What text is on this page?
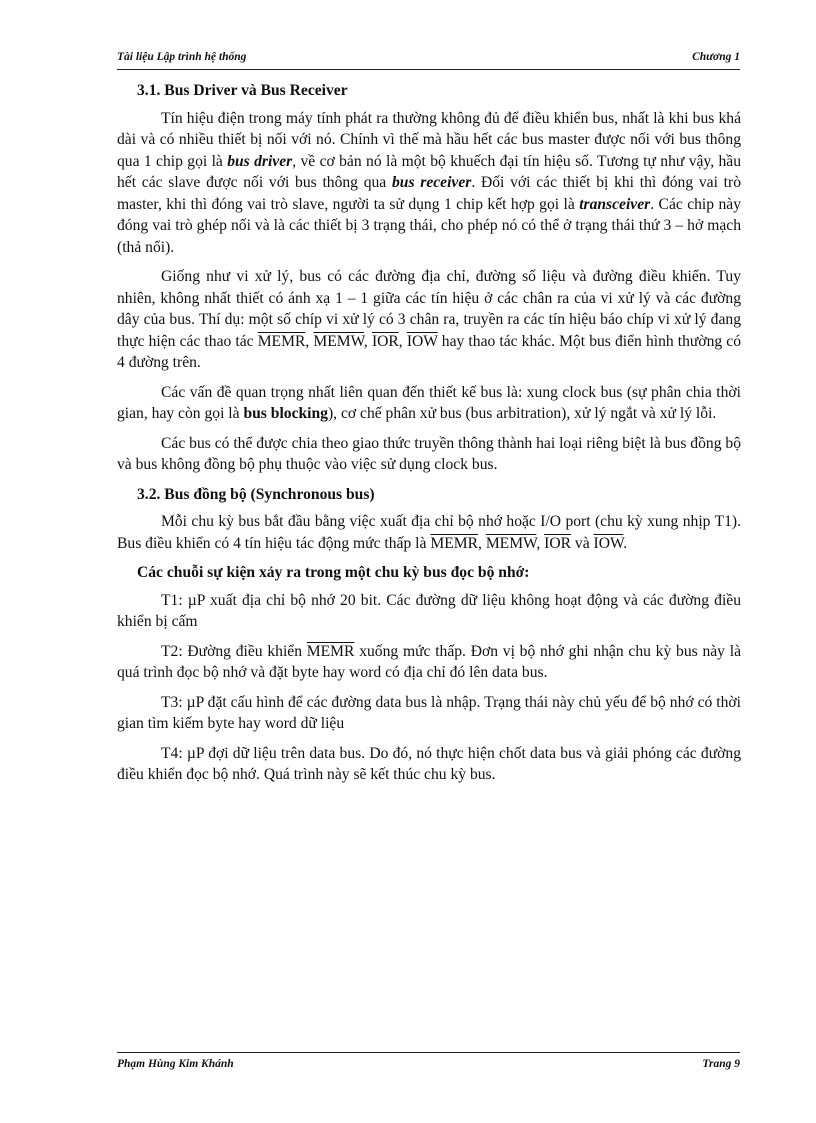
Tài liệu Lập trình hệ thống	Chương 1
3.1. Bus Driver và Bus Receiver

Tín hiệu điện trong máy tính phát ra thường không đủ để điều khiển bus, nhất là khi bus khá dài và có nhiều thiết bị nối với nó. Chính vì thế mà hầu hết các bus master được nối với bus thông qua 1 chip gọi là bus driver, về cơ bản nó là một bộ khuếch đại tín hiệu số. Tương tự như vậy, hầu hết các slave được nối với bus thông qua bus receiver. Đối với các thiết bị khi thì đóng vai trò master, khi thì đóng vai trò slave, người ta sử dụng 1 chip kết hợp gọi là transceiver. Các chip này đóng vai trò ghép nối và là các thiết bị 3 trạng thái, cho phép nó có thể ở trạng thái thứ 3 – hở mạch (thả nổi).

Giống như vi xử lý, bus có các đường địa chỉ, đường số liệu và đường điều khiển. Tuy nhiên, không nhất thiết có ánh xạ 1 – 1 giữa các tín hiệu ở các chân ra của vi xử lý và các đường dây của bus. Thí dụ: một số chíp vi xử lý có 3 chân ra, truyền ra các tín hiệu báo chíp vi xử lý đang thực hiện các thao tác MEMR, MEMW, $\overline{IOR}$, $\overline{IOW}$ hay thao tác khác. Một bus điển hình thường có 4 đường trên.

Các vấn đề quan trọng nhất liên quan đến thiết kế bus là: xung clock bus (sự phân chia thời gian, hay còn gọi là bus blocking), cơ chế phân xử bus (bus arbitration), xử lý ngắt và xử lý lỗi.

Các bus có thể được chia theo giao thức truyền thông thành hai loại riêng biệt là bus đồng bộ và bus không đồng bộ phụ thuộc vào việc sử dụng clock bus.

3.2. Bus đồng bộ (Synchronous bus)

Mỗi chu kỳ bus bắt đầu bằng việc xuất địa chỉ bộ nhớ hoặc I/O port (chu kỳ xung nhịp T1). Bus điều khiển có 4 tín hiệu tác động mức thấp là MEMR, MEMW, $\overline{IOR}$ và $\overline{IOW}$.

Các chuỗi sự kiện xảy ra trong một chu kỳ bus đọc bộ nhớ:

T1: µP xuất địa chỉ bộ nhớ 20 bit. Các đường dữ liệu không hoạt động và các đường điều khiển bị cấm

T2: Đường điều khiển MEMR xuống mức thấp. Đơn vị bộ nhớ ghi nhận chu kỳ bus này là quá trình đọc bộ nhớ và đặt byte hay word có địa chỉ đó lên data bus.

T3: µP đặt cấu hình để các đường data bus là nhập. Trạng thái này chủ yếu để bộ nhớ có thời gian tìm kiếm byte hay word dữ liệu

T4: µP đợi dữ liệu trên data bus. Do đó, nó thực hiện chốt data bus và giải phóng các đường điều khiển đọc bộ nhớ. Quá trình này sẽ kết thúc chu kỳ bus.

Phạm Hùng Kim Khánh	Trang 9
